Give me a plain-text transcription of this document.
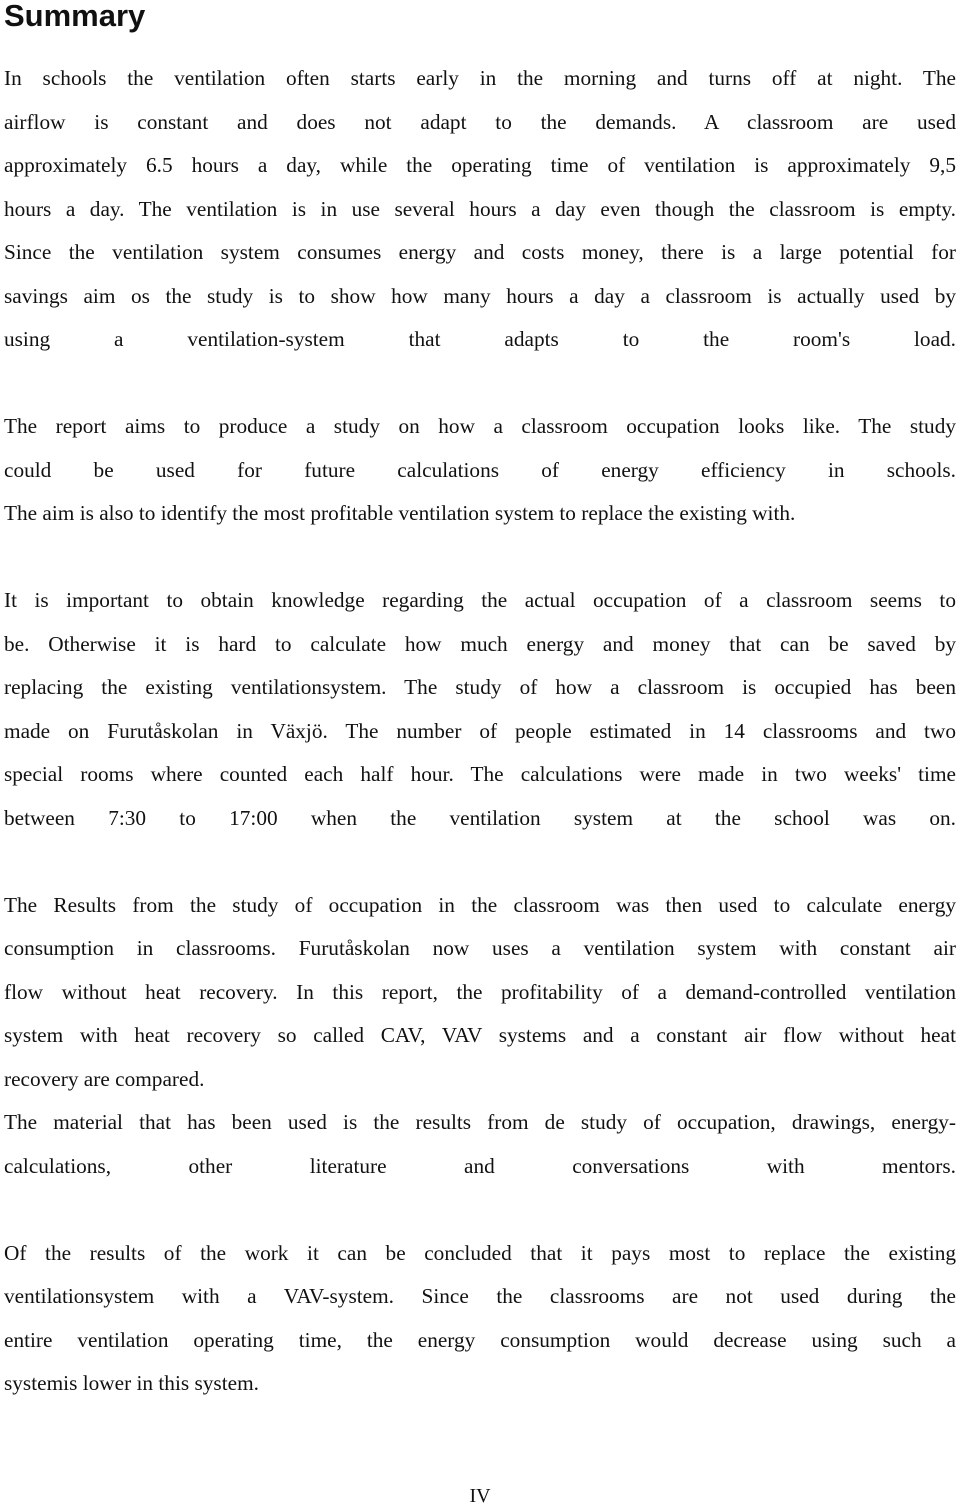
Summary

In schools the ventilation often starts early in the morning and turns off at night. The

airflow is constant and does not adapt to the demands. A classroom are used

approximately 6.5 hours a day, while the operating time of ventilation is approximately 9,5

hours a day. The ventilation is in use several hours a day even though the classroom is empty.

Since the ventilation system consumes energy and costs money, there is a large potential for

savings aim os the study is to show how many hours a day a classroom is actually used by

using a ventilation-system that adapts to the room's load.

The report aims to produce a study on how a classroom occupation looks like. The study

could be used for future calculations of energy efficiency in schools.

The aim is also to identify the most profitable ventilation system to replace the existing with.

It is important to obtain knowledge regarding the actual occupation of a classroom seems to

be. Otherwise it is hard to calculate how much energy and money that can be saved by

replacing the existing ventilationsystem. The study of how a classroom is occupied has been

made on Furutåskolan in Växjö. The number of people estimated in 14 classrooms and two

special rooms where counted each half hour. The calculations were made in two weeks' time

between 7:30 to 17:00 when the ventilation system at the school was on.

The Results from the study of occupation in the classroom was then used to calculate energy

consumption in classrooms. Furutåskolan now uses a ventilation system with constant air

flow without heat recovery. In this report, the profitability of a demand-controlled ventilation

system with heat recovery so called CAV, VAV systems and a constant air flow without heat

recovery are compared.

The material that has been used is the results from de study of occupation, drawings, energy-

calculations, other literature and conversations with mentors.

Of the results of the work it can be concluded that it pays most to replace the existing

ventilationsystem with a VAV-system. Since the classrooms are not used during the

entire ventilation operating time, the energy consumption would decrease using such a

systemis lower in this system.

IV
